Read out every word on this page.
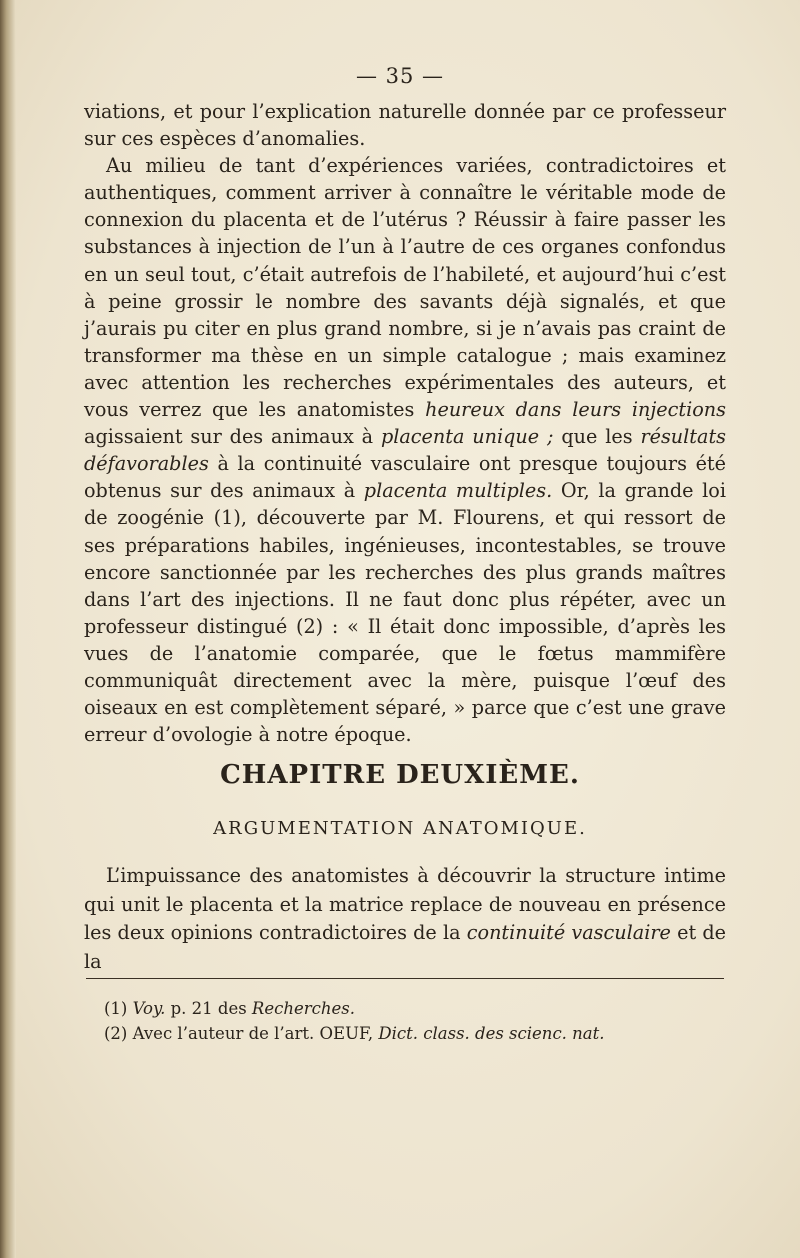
— 35 —

viations, et pour l’explication naturelle donnée par ce professeur sur ces espèces d’anomalies.

Au milieu de tant d’expériences variées, contradictoires et authentiques, comment arriver à connaître le véritable mode de connexion du placenta et de l’utérus ? Réussir à faire passer les substances à injection de l’un à l’autre de ces organes confondus en un seul tout, c’était autrefois de l’habileté, et aujourd’hui c’est à peine grossir le nombre des savants déjà signalés, et que j’aurais pu citer en plus grand nombre, si je n’avais pas craint de transformer ma thèse en un simple catalogue ; mais examinez avec attention les recherches expérimentales des auteurs, et vous verrez que les anatomistes heureux dans leurs injections agissaient sur des animaux à placenta unique ; que les résultats défavorables à la continuité vasculaire ont presque toujours été obtenus sur des animaux à placenta multiples. Or, la grande loi de zoogénie (1), découverte par M. Flourens, et qui ressort de ses préparations habiles, ingénieuses, incontestables, se trouve encore sanctionnée par les recherches des plus grands maîtres dans l’art des injections. Il ne faut donc plus répéter, avec un professeur distingué (2) : « Il était donc impossible, d’après les vues de l’anatomie comparée, que le fœtus mammifère communiquât directement avec la mère, puisque l’œuf des oiseaux en est complètement séparé, » parce que c’est une grave erreur d’ovologie à notre époque.

CHAPITRE DEUXIÈME.
ARGUMENTATION ANATOMIQUE.

L’impuissance des anatomistes à découvrir la structure intime qui unit le placenta et la matrice replace de nouveau en présence les deux opinions contradictoires de la continuité vasculaire et de la

(1) Voy. p. 21 des Recherches.
(2) Avec l’auteur de l’art. OEUF, Dict. class. des scienc. nat.
